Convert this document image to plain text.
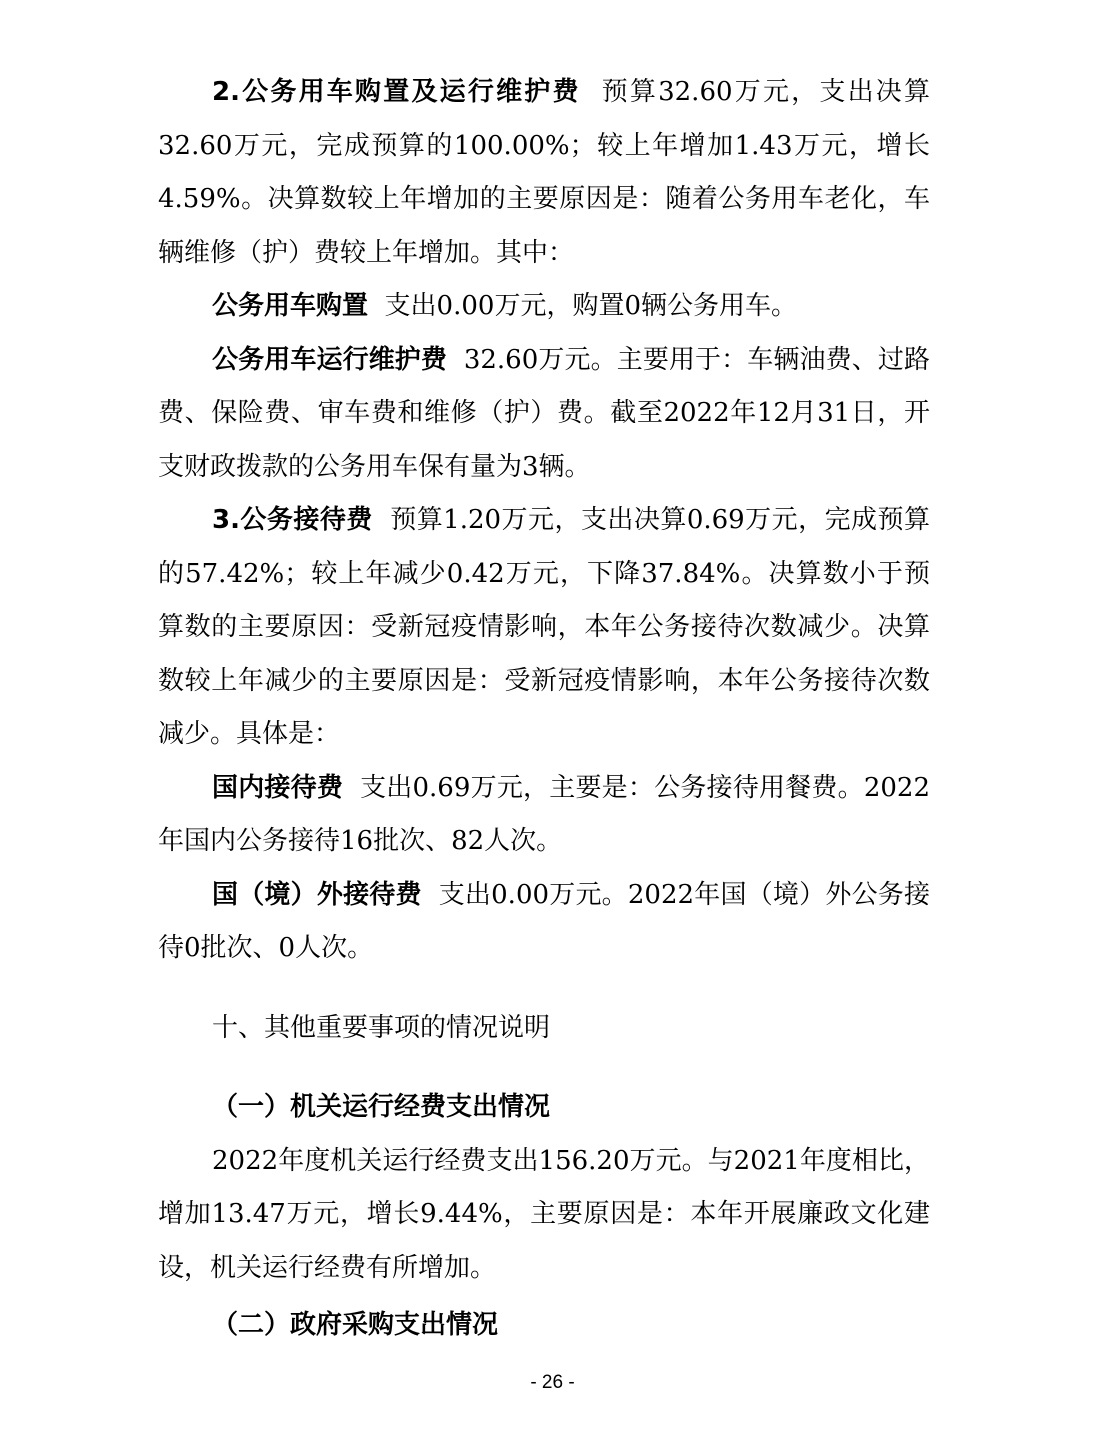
2.公务用车购置及运行维护费 预算32.60万元，支出决算32.60万元，完成预算的100.00%；较上年增加1.43万元，增长4.59%。决算数较上年增加的主要原因是：随着公务用车老化，车辆维修（护）费较上年增加。其中：

公务用车购置 支出0.00万元，购置0辆公务用车。

公务用车运行维护费 32.60万元。主要用于：车辆油费、过路费、保险费、审车费和维修（护）费。截至2022年12月31日，开支财政拨款的公务用车保有量为3辆。

3.公务接待费 预算1.20万元，支出决算0.69万元，完成预算的57.42%；较上年减少0.42万元，下降37.84%。决算数小于预算数的主要原因：受新冠疫情影响，本年公务接待次数减少。决算数较上年减少的主要原因是：受新冠疫情影响，本年公务接待次数减少。具体是：

国内接待费 支出0.69万元，主要是：公务接待用餐费。2022年国内公务接待16批次、82人次。

国（境）外接待费 支出0.00万元。2022年国（境）外公务接待0批次、0人次。

十、其他重要事项的情况说明

（一）机关运行经费支出情况

2022年度机关运行经费支出156.20万元。与2021年度相比，增加13.47万元，增长9.44%，主要原因是：本年开展廉政文化建设，机关运行经费有所增加。

（二）政府采购支出情况

- 26 -
